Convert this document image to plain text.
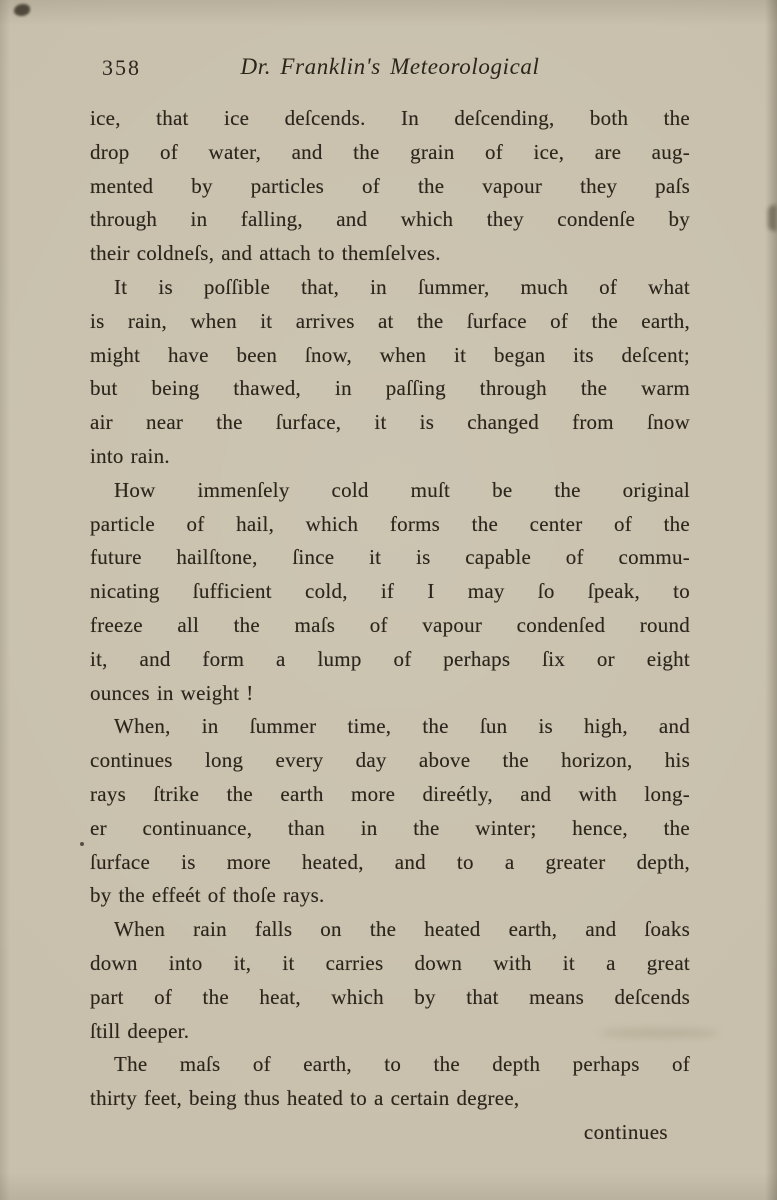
358	Dr. Franklin's Meteorological

ice, that ice deſcends. In deſcending, both the
drop of water, and the grain of ice, are aug-
mented by particles of the vapour they paſs
through in falling, and which they condenſe by
their coldneſs, and attach to themſelves.

It is poſſible that, in ſummer, much of what
is rain, when it arrives at the ſurface of the earth,
might have been ſnow, when it began its deſcent;
but being thawed, in paſſing through the warm
air near the ſurface, it is changed from ſnow
into rain.

How immenſely cold muſt be the original
particle of hail, which forms the center of the
future hailſtone, ſince it is capable of commu-
nicating ſufficient cold, if I may ſo ſpeak, to
freeze all the maſs of vapour condenſed round
it, and form a lump of perhaps ſix or eight
ounces in weight !

When, in ſummer time, the ſun is high, and
continues long every day above the horizon, his
rays ſtrike the earth more direétly, and with long-
er continuance, than in the winter; hence, the
ſurface is more heated, and to a greater depth,
by the effeét of thoſe rays.

When rain falls on the heated earth, and ſoaks
down into it, it carries down with it a great
part of the heat, which by that means deſcends
ſtill deeper.

The maſs of earth, to the depth perhaps of
thirty feet, being thus heated to a certain degree,

continues
